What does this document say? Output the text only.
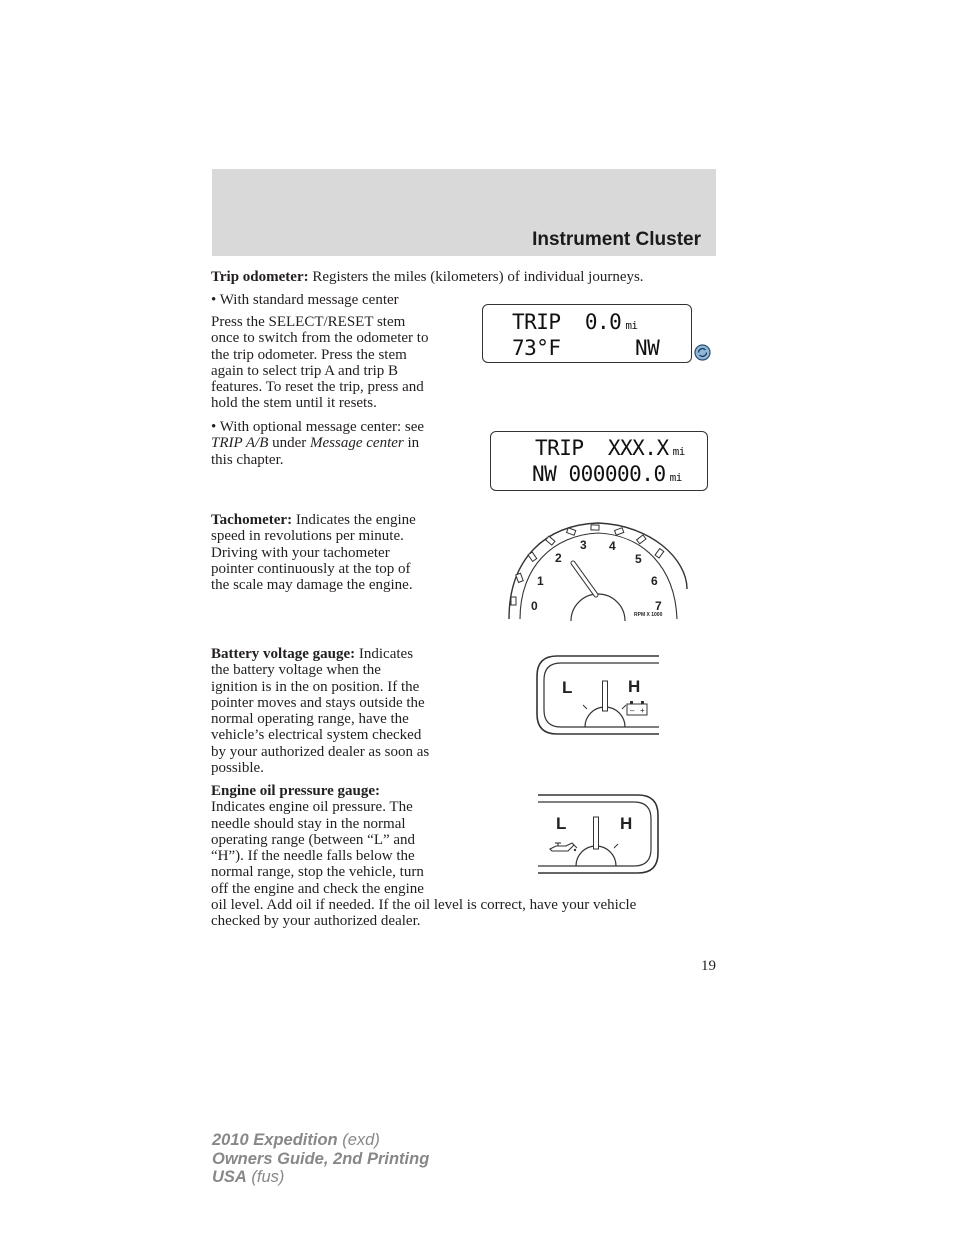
Instrument Cluster

Trip odometer: Registers the miles (kilometers) of individual journeys.

• With standard message center

Press the SELECT/RESET stem
once to switch from the odometer to
the trip odometer. Press the stem
again to select trip A and trip B
features. To reset the trip, press and
hold the stem until it resets.
• With optional message center: see
TRIP A/B under Message center in
this chapter.
TRIP 0.0 mi
73°F	NW
TRIP XXX.X mi
NW 000000.0 mi
Tachometer: Indicates the engine
speed in revolutions per minute.
Driving with your tachometer
pointer continuously at the top of
the scale may damage the engine.
0
1
2
3 4
5
6
7
RPM X 1000
Battery voltage gauge: Indicates
the battery voltage when the
ignition is in the on position. If the
pointer moves and stays outside the
normal operating range, have the
vehicle’s electrical system checked
by your authorized dealer as soon as
possible.
L	H
– +
Engine oil pressure gauge:
Indicates engine oil pressure. The
needle should stay in the normal
operating range (between “L” and
“H”). If the needle falls below the
normal range, stop the vehicle, turn
off the engine and check the engine
oil level. Add oil if needed. If the oil level is correct, have your vehicle
checked by your authorized dealer.
L	H

19

2010 Expedition (exd)
Owners Guide, 2nd Printing
USA (fus)
